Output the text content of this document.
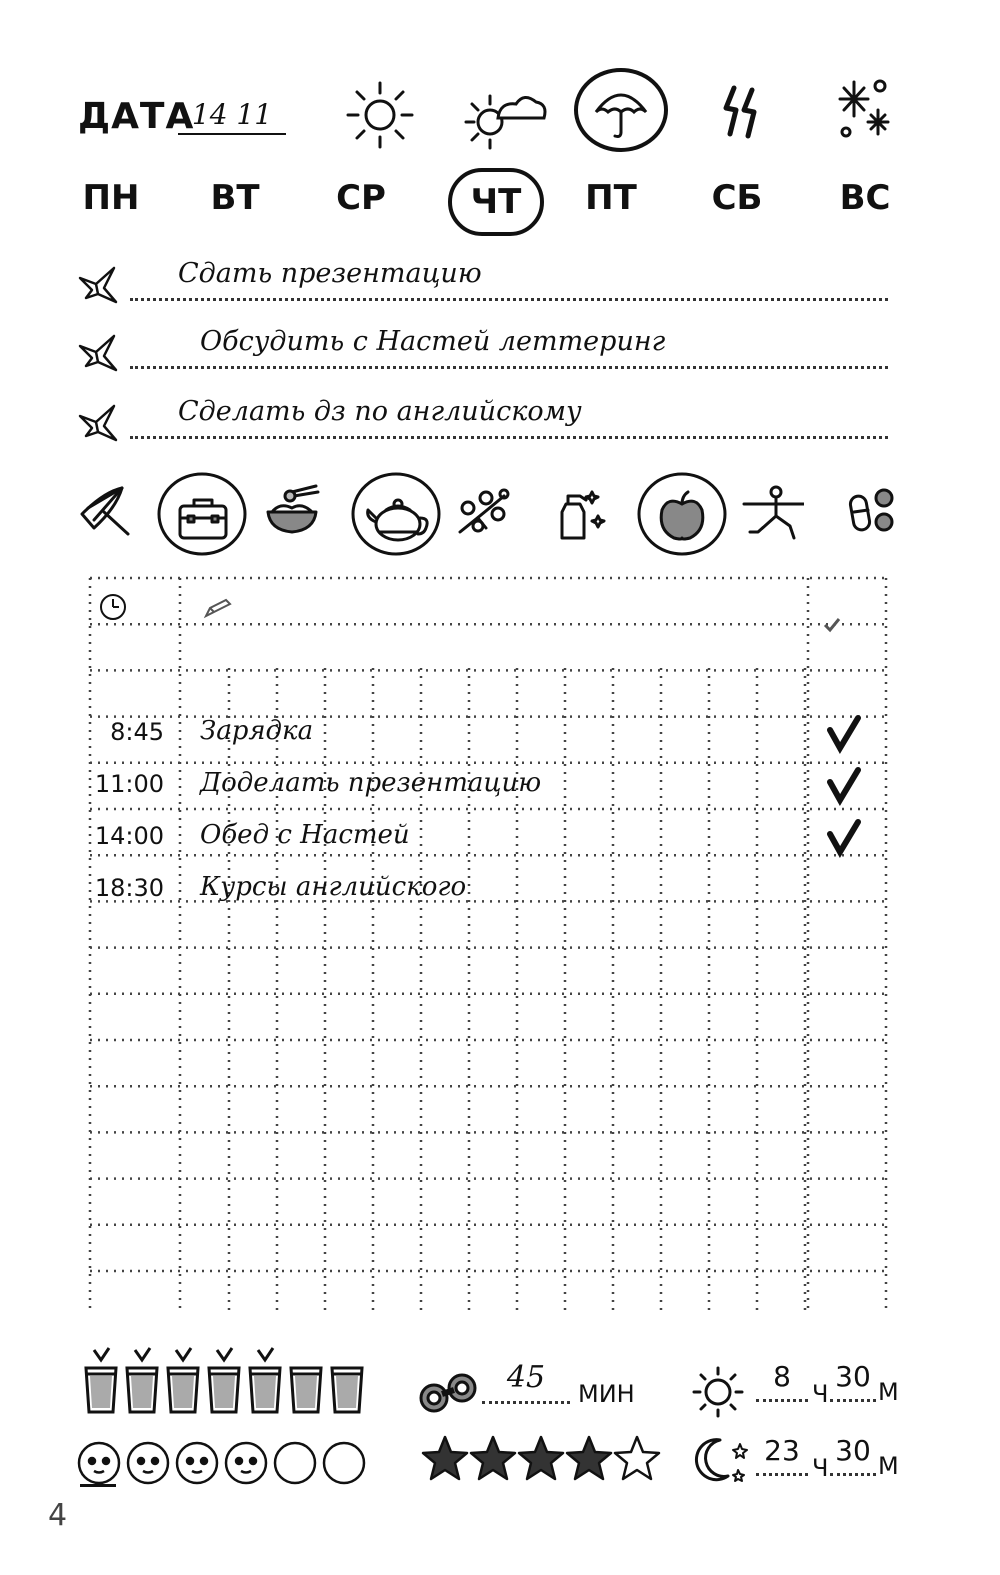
ДАТА
14 11
ПН	ВТ	СР	ЧТ	ПТ	СБ	ВС
Сдать презентацию
Обсудить с Настей леттеринг
Сделать дз по английскому
8:45 Зарядка
11:00 Доделать презентацию
14:00 Обед с Настей
18:30 Курсы английского
45	МИН
8
Ч
30 М
23
Ч
30 М
4
